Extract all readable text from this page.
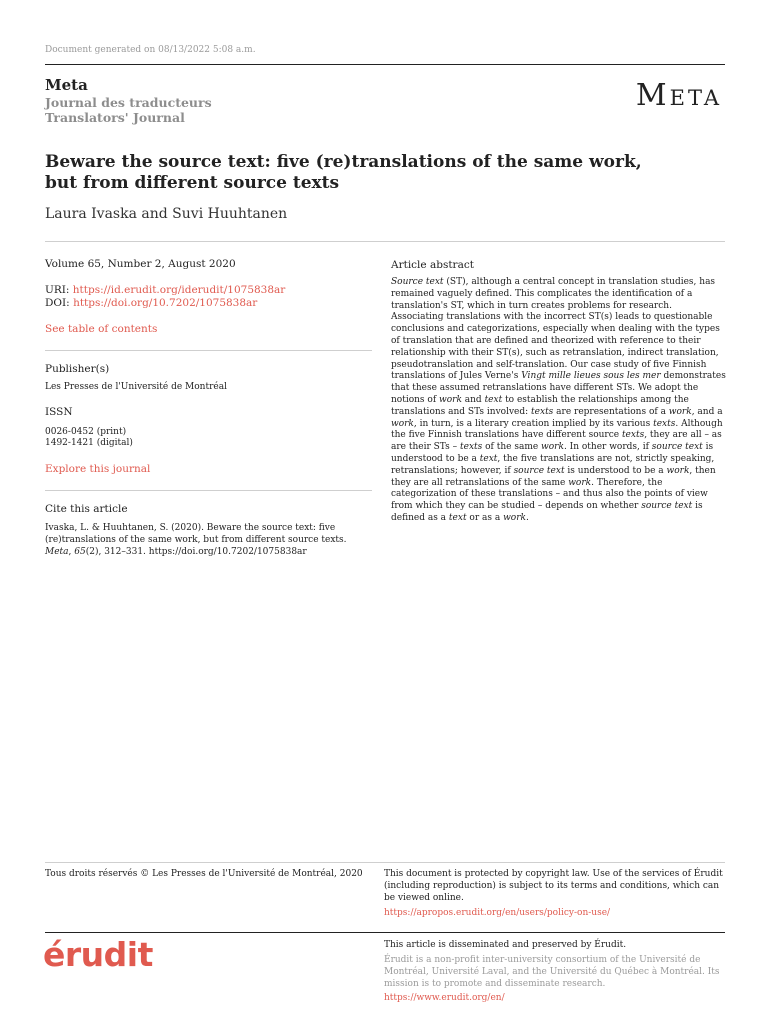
Document generated on 08/13/2022 5:08 a.m.
Meta
Journal des traducteurs
Translators' Journal
Meta
Beware the source text: five (re)translations of the same work, but from different source texts
Laura Ivaska and Suvi Huuhtanen
Volume 65, Number 2, August 2020
URI: https://id.erudit.org/iderudit/1075838ar
DOI: https://doi.org/10.7202/1075838ar
See table of contents
Publisher(s)
Les Presses de l'Université de Montréal
ISSN
0026-0452 (print)
1492-1421 (digital)
Explore this journal
Cite this article
Ivaska, L. & Huuhtanen, S. (2020). Beware the source text: five (re)translations of the same work, but from different source texts. Meta, 65(2), 312–331. https://doi.org/10.7202/1075838ar
Article abstract
Source text (ST), although a central concept in translation studies, has remained vaguely defined. This complicates the identification of a translation's ST, which in turn creates problems for research. Associating translations with the incorrect ST(s) leads to questionable conclusions and categorizations, especially when dealing with the types of translation that are defined and theorized with reference to their relationship with their ST(s), such as retranslation, indirect translation, pseudotranslation and self-translation. Our case study of five Finnish translations of Jules Verne's Vingt mille lieues sous les mer demonstrates that these assumed retranslations have different STs. We adopt the notions of work and text to establish the relationships among the translations and STs involved: texts are representations of a work, and a work, in turn, is a literary creation implied by its various texts. Although the five Finnish translations have different source texts, they are all – as are their STs – texts of the same work. In other words, if source text is understood to be a text, the five translations are not, strictly speaking, retranslations; however, if source text is understood to be a work, then they are all retranslations of the same work. Therefore, the categorization of these translations – and thus also the points of view from which they can be studied – depends on whether source text is defined as a text or as a work.
Tous droits réservés © Les Presses de l'Université de Montréal, 2020 This document is protected by copyright law. Use of the services of Érudit (including reproduction) is subject to its terms and conditions, which can be viewed online.
https://apropos.erudit.org/en/users/policy-on-use/
érudit	This article is disseminated and preserved by Érudit.
Érudit is a non-profit inter-university consortium of the Université de Montréal, Université Laval, and the Université du Québec à Montréal. Its mission is to promote and disseminate research.
https://www.erudit.org/en/
